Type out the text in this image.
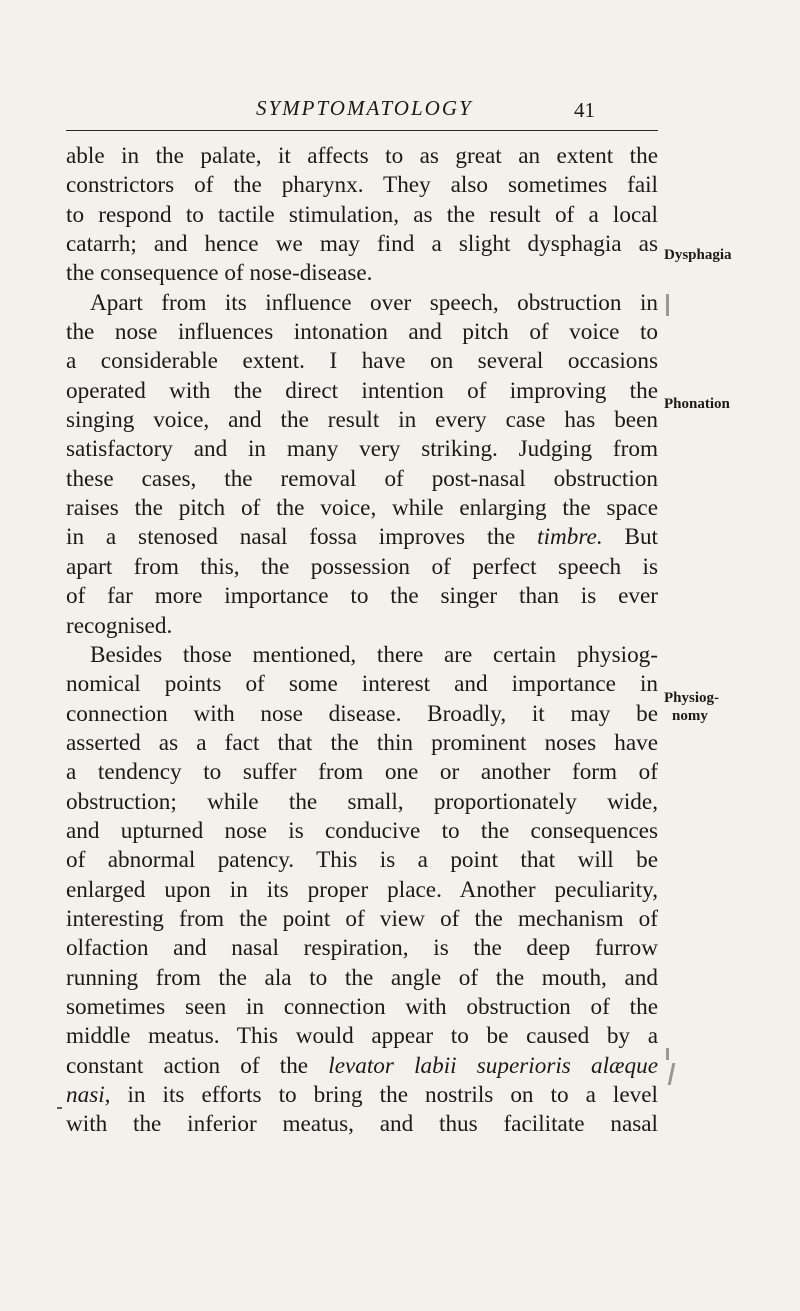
SYMPTOMATOLOGY	41
able in the palate, it affects to as great an extent the
constrictors of the pharynx. They also sometimes fail
to respond to tactile stimulation, as the result of a local
catarrh; and hence we may find a slight dysphagia as
the consequence of nose-disease.
Apart from its influence over speech, obstruction in
the nose influences intonation and pitch of voice to
a considerable extent. I have on several occasions
operated with the direct intention of improving the
singing voice, and the result in every case has been
satisfactory and in many very striking. Judging from
these cases, the removal of post-nasal obstruction
raises the pitch of the voice, while enlarging the space
in a stenosed nasal fossa improves the timbre. But
apart from this, the possession of perfect speech is
of far more importance to the singer than is ever
recognised.
Besides those mentioned, there are certain physiog-
nomical points of some interest and importance in
connection with nose disease. Broadly, it may be
asserted as a fact that the thin prominent noses have
a tendency to suffer from one or another form of
obstruction; while the small, proportionately wide,
and upturned nose is conducive to the consequences
of abnormal patency. This is a point that will be
enlarged upon in its proper place. Another peculiarity,
interesting from the point of view of the mechanism of
olfaction and nasal respiration, is the deep furrow
running from the ala to the angle of the mouth, and
sometimes seen in connection with obstruction of the
middle meatus. This would appear to be caused by a
constant action of the levator labii superioris alæque
nasi, in its efforts to bring the nostrils on to a level
with the inferior meatus, and thus facilitate nasal
Dysphagia
Phonation
Physiog-
nomy
